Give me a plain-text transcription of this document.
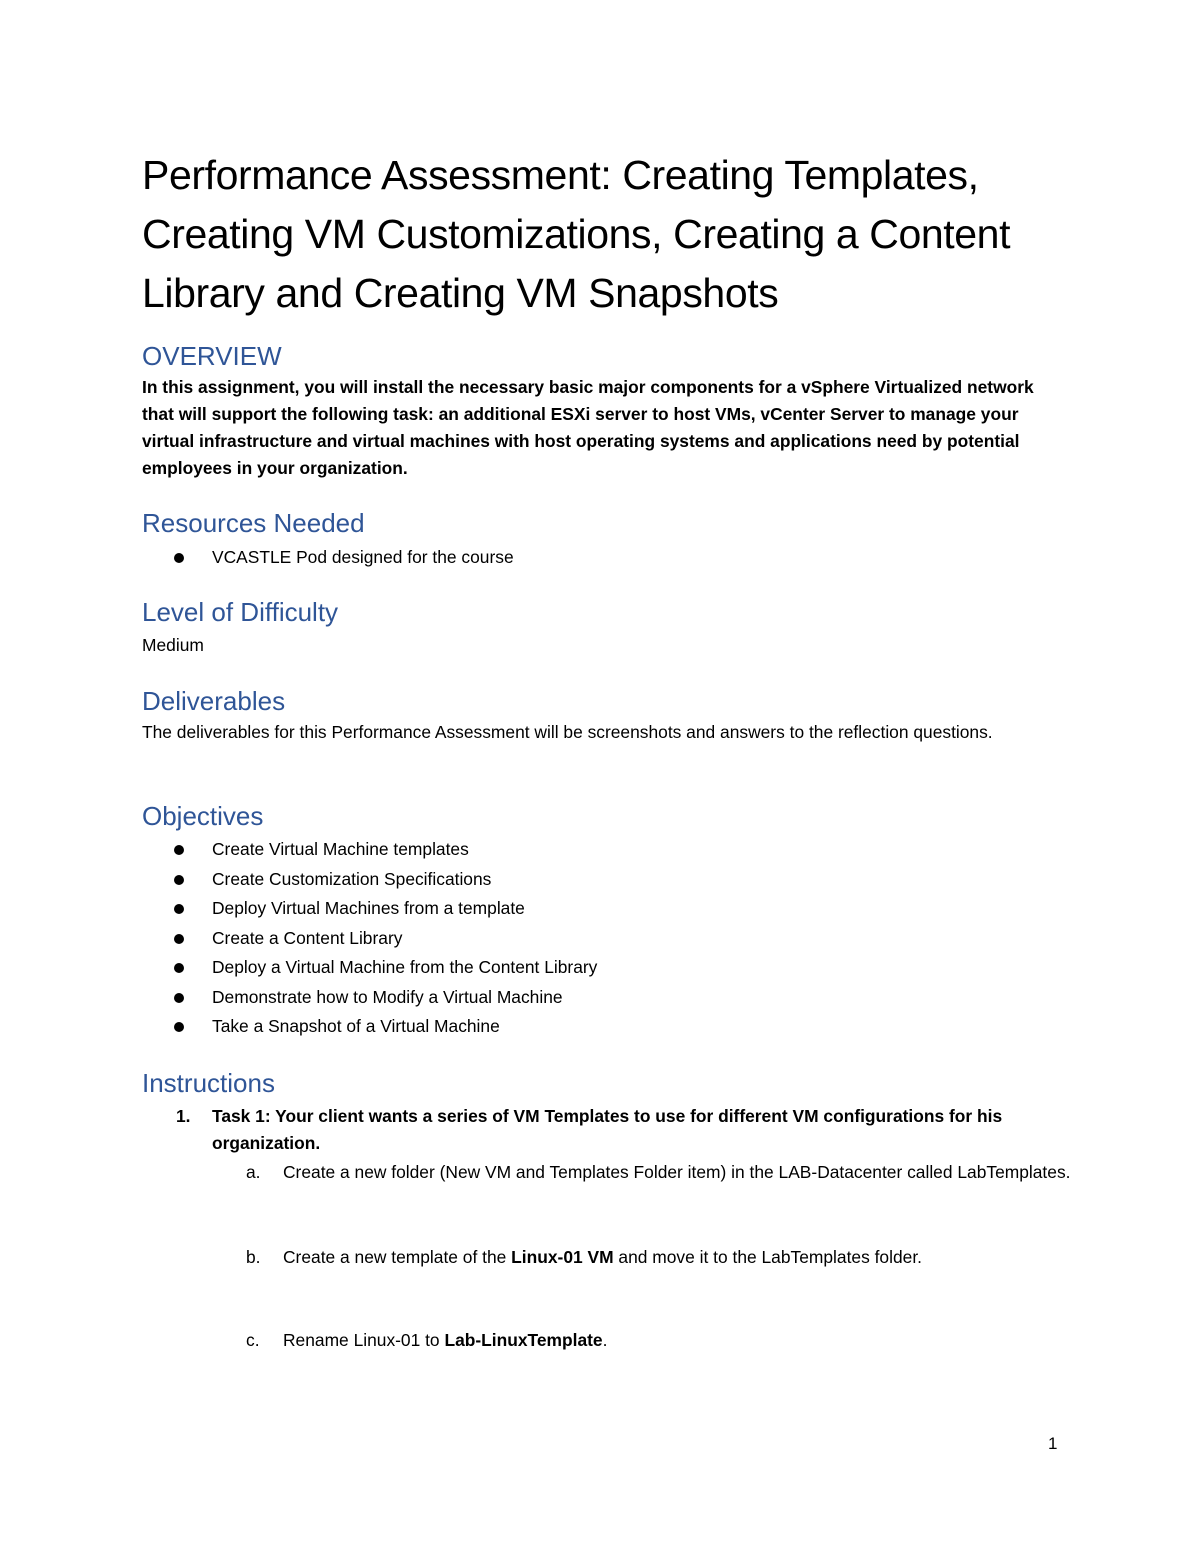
Performance Assessment: Creating Templates, Creating VM Customizations, Creating a Content Library and Creating VM Snapshots
OVERVIEW

In this assignment, you will install the necessary basic major components for a vSphere Virtualized network that will support the following task: an additional ESXi server to host VMs, vCenter Server to manage your virtual infrastructure and virtual machines with host operating systems and applications need by potential employees in your organization.

Resources Needed
VCASTLE Pod designed for the course
Level of Difficulty

Medium

Deliverables

The deliverables for this Performance Assessment will be screenshots and answers to the reflection questions.

Objectives
Create Virtual Machine templates
Create Customization Specifications
Deploy Virtual Machines from a template
Create a Content Library
Deploy a Virtual Machine from the Content Library
Demonstrate how to Modify a Virtual Machine
Take a Snapshot of a Virtual Machine
Instructions
1. Task 1: Your client wants a series of VM Templates to use for different VM configurations for his organization.
a. Create a new folder (New VM and Templates Folder item) in the LAB-Datacenter called LabTemplates.
b. Create a new template of the Linux-01 VM and move it to the LabTemplates folder.
c. Rename Linux-01 to Lab-LinuxTemplate.
1
